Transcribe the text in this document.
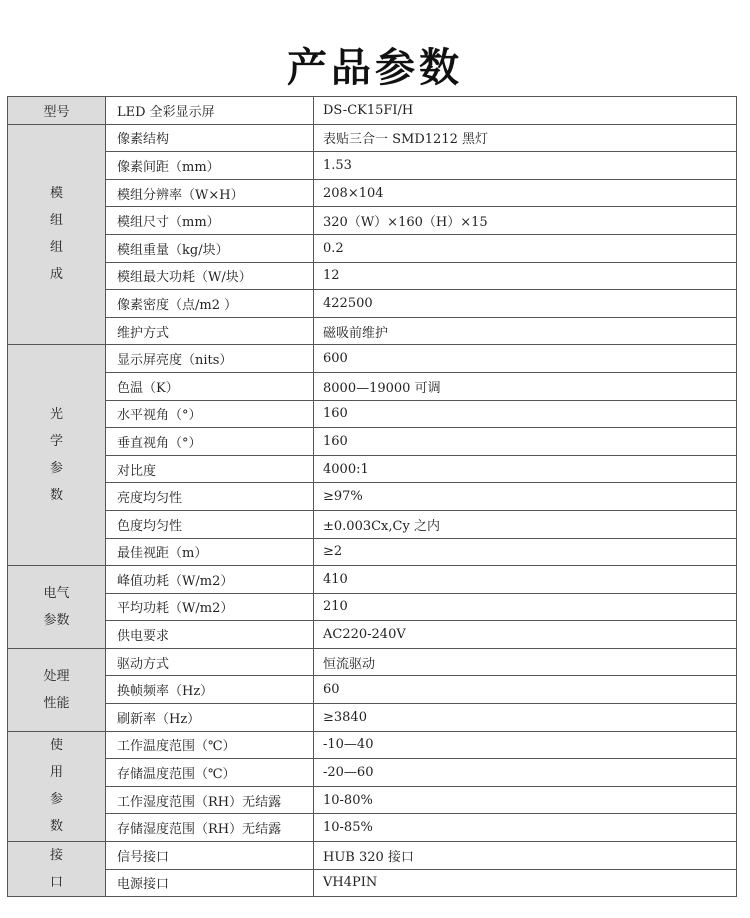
产品参数
型号	LED 全彩显示屏	DS-CK15FI/H

模
组
组
成	像素结构	表贴三合一 SMD1212 黑灯
	像素间距（mm）	1.53
	模组分辨率（W×H）	208×104
	模组尺寸（mm）	320（W）×160（H）×15
	模组重量（kg/块）	0.2
	模组最大功耗（W/块）	12
	像素密度（点/m2 ）	422500
	维护方式	磁吸前维护

光
学
参
数	显示屏亮度（nits）	600
	色温（K）	8000—19000 可调
	水平视角（°）	160
	垂直视角（°）	160
	对比度	4000:1
	亮度均匀性	≥97%
	色度均匀性	±0.003Cx,Cy 之内
	最佳视距（m）	≥2

电气
参数	峰值功耗（W/m2）	410
	平均功耗（W/m2）	210
	供电要求	AC220-240V

处理
性能	驱动方式	恒流驱动
	换帧频率（Hz）	60
	刷新率（Hz）	≥3840

使
用
参
数	工作温度范围（℃）	-10—40
	存储温度范围（℃）	-20—60
	工作湿度范围（RH）无结露	10-80%
	存储湿度范围（RH）无结露	10-85%

接
口	信号接口	HUB 320 接口
	电源接口	VH4PIN
